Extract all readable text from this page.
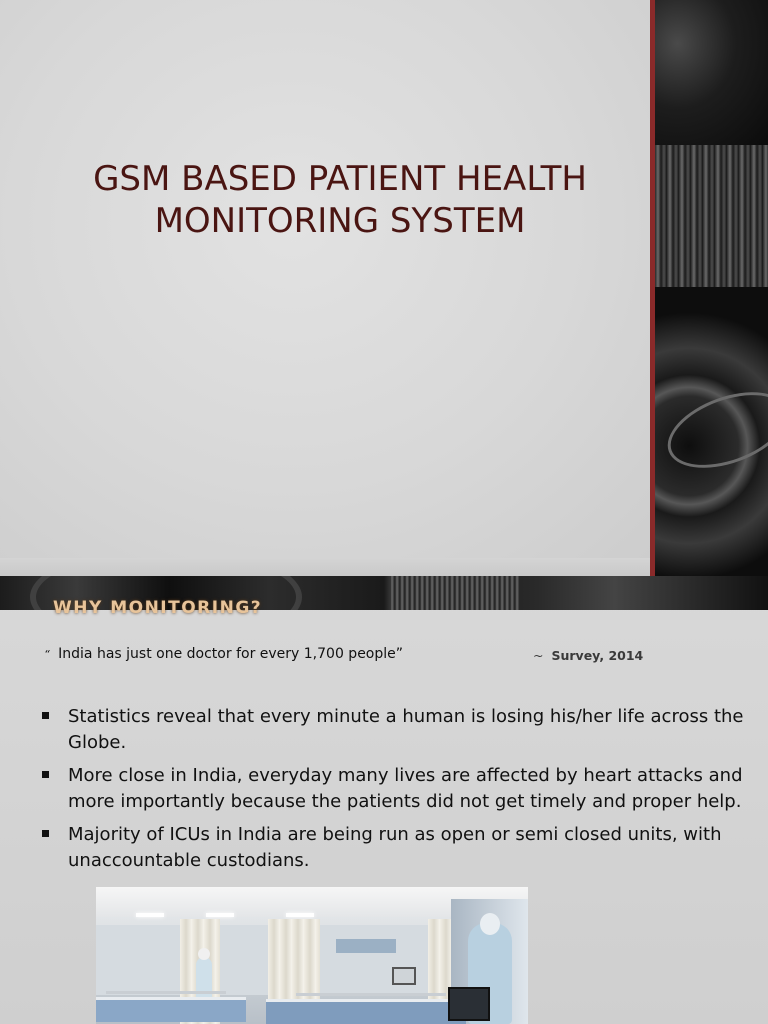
GSM BASED PATIENT HEALTH
MONITORING SYSTEM
WHY MONITORING?
“ India has just one doctor for every 1,700 people”	~ Survey, 2014
Statistics reveal that every minute a human is losing his/her life across the Globe.
More close in India, everyday many lives are affected by heart attacks and more importantly because the patients did not get timely and proper help.
Majority of ICUs in India are being run as open or semi closed units, with unaccountable custodians.
